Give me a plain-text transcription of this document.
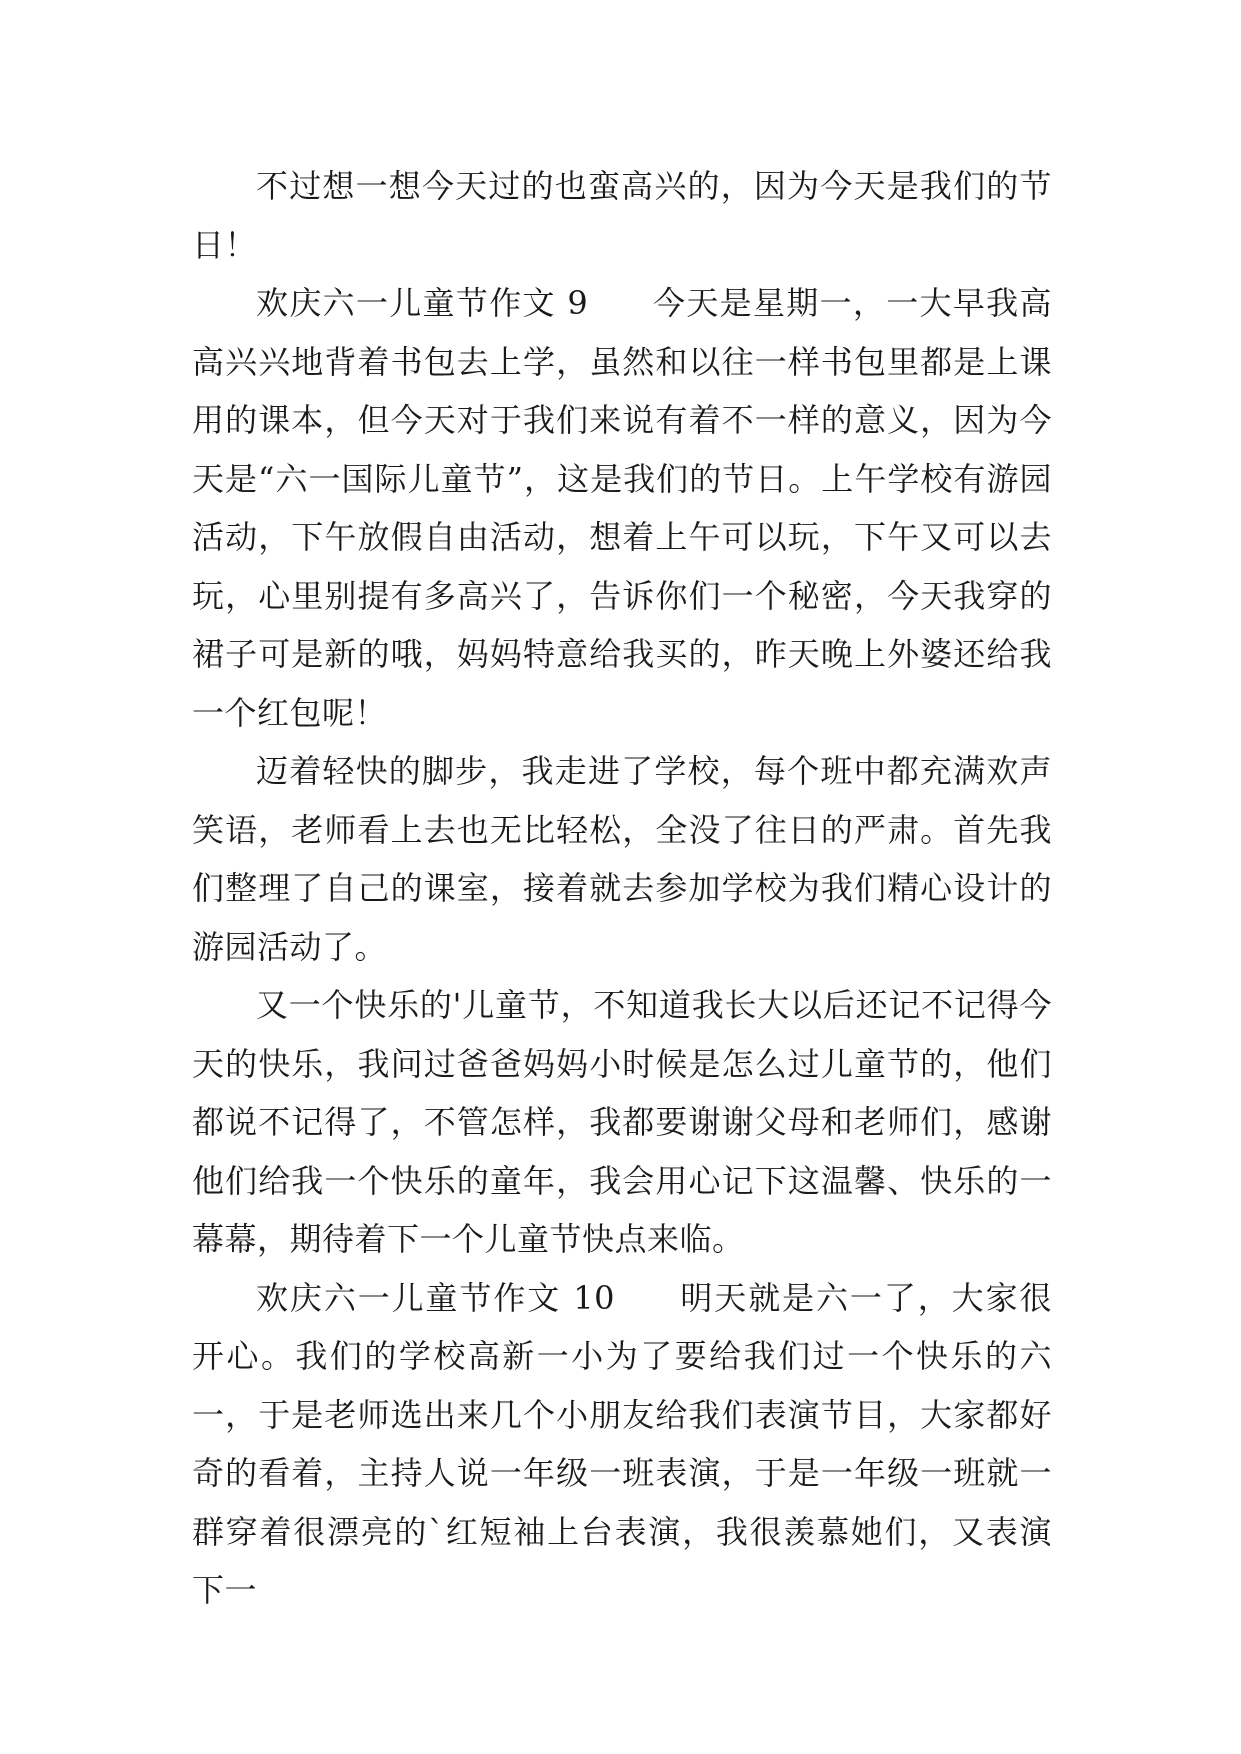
不过想一想今天过的也蛮高兴的，因为今天是我们的节日！

欢庆六一儿童节作文 9 今天是星期一，一大早我高高兴兴地背着书包去上学，虽然和以往一样书包里都是上课用的课本，但今天对于我们来说有着不一样的意义，因为今天是“六一国际儿童节”，这是我们的节日。上午学校有游园活动，下午放假自由活动，想着上午可以玩，下午又可以去玩，心里别提有多高兴了，告诉你们一个秘密，今天我穿的裙子可是新的哦，妈妈特意给我买的，昨天晚上外婆还给我一个红包呢！

迈着轻快的脚步，我走进了学校，每个班中都充满欢声笑语，老师看上去也无比轻松，全没了往日的严肃。首先我们整理了自己的课室，接着就去参加学校为我们精心设计的游园活动了。

又一个快乐的'儿童节，不知道我长大以后还记不记得今天的快乐，我问过爸爸妈妈小时候是怎么过儿童节的，他们都说不记得了，不管怎样，我都要谢谢父母和老师们，感谢他们给我一个快乐的童年，我会用心记下这温馨、快乐的一幕幕，期待着下一个儿童节快点来临。

欢庆六一儿童节作文 10 明天就是六一了，大家很开心。我们的学校高新一小为了要给我们过一个快乐的六一，于是老师选出来几个小朋友给我们表演节目，大家都好奇的看着，主持人说一年级一班表演，于是一年级一班就一群穿着很漂亮的`红短袖上台表演，我很羡慕她们，又表演下一
